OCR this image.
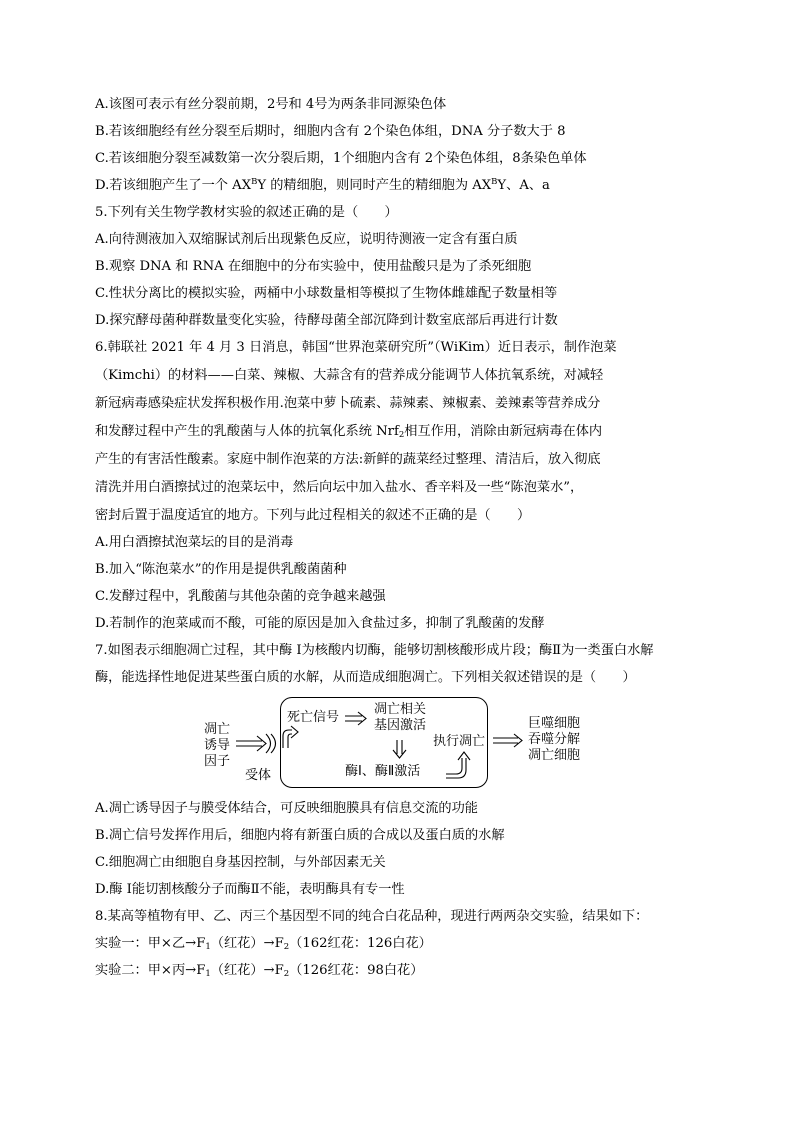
A.该图可表示有丝分裂前期，2号和 4号为两条非同源染色体
B.若该细胞经有丝分裂至后期时，细胞内含有 2个染色体组，DNA 分子数大于 8
C.若该细胞分裂至减数第一次分裂后期，1个细胞内含有 2个染色体组，8条染色单体
D.若该细胞产生了一个 $AX^BY$ 的精细胞，则同时产生的精细胞为 $AX^BY$、A、a
5.下列有关生物学教材实验的叙述正确的是（　　）
A.向待测液加入双缩脲试剂后出现紫色反应，说明待测液一定含有蛋白质
B.观察 DNA 和 RNA 在细胞中的分布实验中，使用盐酸只是为了杀死细胞
C.性状分离比的模拟实验，两桶中小球数量相等模拟了生物体雌雄配子数量相等
D.探究酵母菌种群数量变化实验，待酵母菌全部沉降到计数室底部后再进行计数
6.韩联社 2021 年 4 月 3 日消息，韩国“世界泡菜研究所”（WiKim）近日表示，制作泡菜
（Kimchi）的材料——白菜、辣椒、大蒜含有的营养成分能调节人体抗氧系统，对减轻
新冠病毒感染症状发挥积极作用.泡菜中萝卜硫素、蒜辣素、辣椒素、姜辣素等营养成分
和发酵过程中产生的乳酸菌与人体的抗氧化系统 Nrf$_2$相互作用，消除由新冠病毒在体内
产生的有害活性酸素。家庭中制作泡菜的方法:新鲜的蔬菜经过整理、清洁后，放入彻底
清洗并用白酒擦拭过的泡菜坛中，然后向坛中加入盐水、香辛料及一些“陈泡菜水”，
密封后置于温度适宜的地方。下列与此过程相关的叙述不正确的是（　　）
A.用白酒擦拭泡菜坛的目的是消毒
B.加入“陈泡菜水”的作用是提供乳酸菌菌种
C.发酵过程中，乳酸菌与其他杂菌的竞争越来越强
D.若制作的泡菜咸而不酸，可能的原因是加入食盐过多，抑制了乳酸菌的发酵
7.如图表示细胞凋亡过程，其中酶 I为核酸内切酶，能够切割核酸形成片段；酶Ⅱ为一类蛋白水解
酶，能选择性地促进某些蛋白质的水解，从而造成细胞凋亡。下列相关叙述错误的是（　　）
A.凋亡诱导因子与膜受体结合，可反映细胞膜具有信息交流的功能
B.凋亡信号发挥作用后，细胞内将有新蛋白质的合成以及蛋白质的水解
C.细胞凋亡由细胞自身基因控制，与外部因素无关
D.酶 I能切割核酸分子而酶Ⅱ不能，表明酶具有专一性
8.某高等植物有甲、乙、丙三个基因型不同的纯合白花品种，现进行两两杂交实验，结果如下：
实验一：甲×乙$\to F_1$（红花）$\to F_2(162$红花：126白花）
实验二：甲×丙$\to F_1$（红花）$\to F_2(126$红花：98白花）
凋亡
诱导
因子
受体
死亡信号
凋亡相关
基因激活
执行凋亡
酶Ⅰ、酶Ⅱ激活
巨噬细胞
吞噬分解
凋亡细胞
